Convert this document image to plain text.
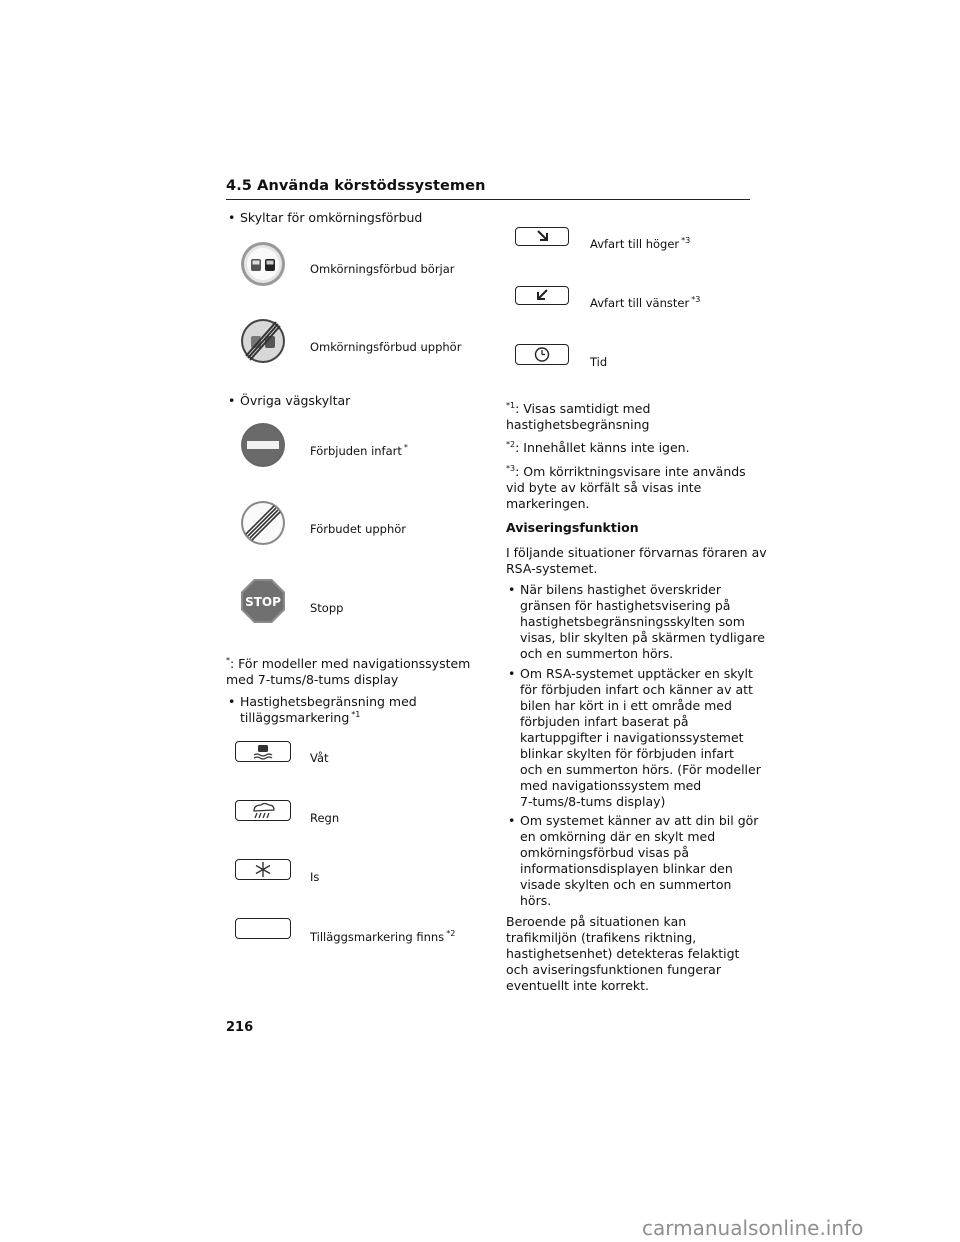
4.5 Använda körstödssystemen
• Skyltar för omkörningsförbud
Omkörningsförbud börjar
Omkörningsförbud upphör
• Övriga vägskyltar
Förbjuden infart *
Förbudet upphör
STOP	Stopp
*: För modeller med navigationssystem
med 7-tums/8-tums display
• Hastighetsbegränsning med
tilläggsmarkering $^{*1}$
Våt
Regn
Is
Tilläggsmarkering finns $^{*2}$
Avfart till höger $^{*3}$
Avfart till vänster $^{*3}$
Tid
$^{*1}$: Visas samtidigt med
hastighetsbegränsning
$^{*2}$: Innehållet känns inte igen.
$^{*3}$: Om körriktningsvisare inte används
vid byte av körfält så visas inte
markeringen.
Aviseringsfunktion
I följande situationer förvarnas föraren av
RSA-systemet.
• När bilens hastighet överskrider
gränsen för hastighetsvisering på
hastighetsbegränsningsskylten som
visas, blir skylten på skärmen tydligare
och en summerton hörs.
• Om RSA-systemet upptäcker en skylt
för förbjuden infart och känner av att
bilen har kört in i ett område med
förbjuden infart baserat på
kartuppgifter i navigationssystemet
blinkar skylten för förbjuden infart
och en summerton hörs. (För modeller
med navigationssystem med
7-tums/8-tums display)
• Om systemet känner av att din bil gör
en omkörning där en skylt med
omkörningsförbud visas på
informationsdisplayen blinkar den
visade skylten och en summerton
hörs.
Beroende på situationen kan
trafikmiljön (trafikens riktning,
hastighetsenhet) detekteras felaktigt
och aviseringsfunktionen fungerar
eventuellt inte korrekt.
216
carmanualsonline.info
